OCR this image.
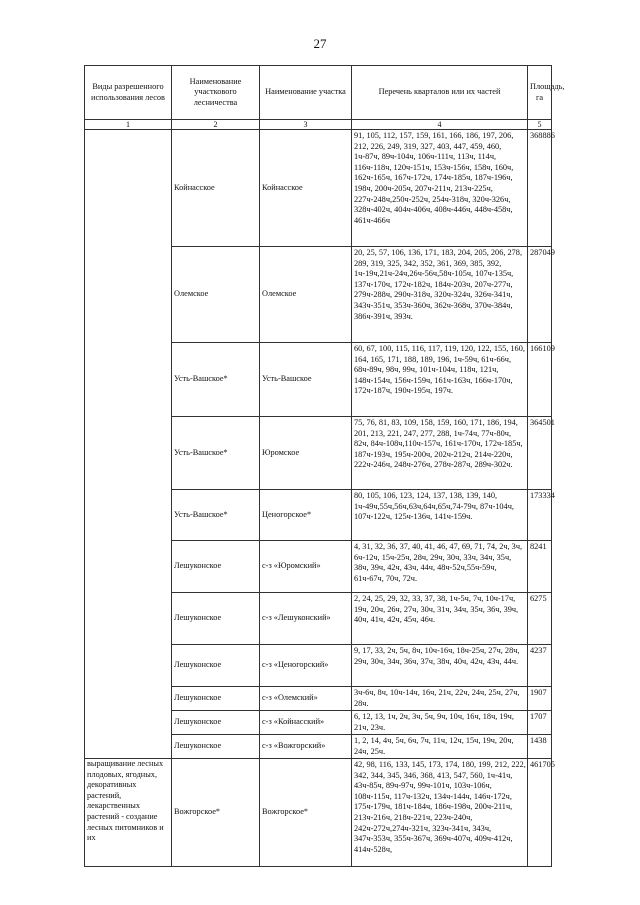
27
Виды разрешенного использования лесов	Наименование участкового лесничества	Наименование участка	Перечень кварталов или их частей	Площадь, га
1	2	3	4	5
	Койнасское	Койнасское	91, 105, 112, 157, 159, 161, 166, 186, 197, 206, 212, 226, 249, 319, 327, 403, 447, 459, 460, 1ч-87ч, 89ч-104ч, 106ч-111ч, 113ч, 114ч, 116ч-118ч, 120ч-151ч, 153ч-156ч, 158ч, 160ч, 162ч-165ч, 167ч-172ч, 174ч-185ч, 187ч-196ч, 198ч, 200ч-205ч, 207ч-211ч, 213ч-225ч, 227ч-248ч,250ч-252ч, 254ч-318ч, 320ч-326ч, 328ч-402ч, 404ч-406ч, 408ч-446ч, 448ч-458ч, 461ч-466ч	368886
	Олемское	Олемское	20, 25, 57, 106, 136, 171, 183, 204, 205, 206, 278, 289, 319, 325, 342, 352, 361, 369, 385, 392, 1ч-19ч,21ч-24ч,26ч-56ч,58ч-105ч, 107ч-135ч, 137ч-170ч, 172ч-182ч, 184ч-203ч, 207ч-277ч, 279ч-288ч, 290ч-318ч, 320ч-324ч, 326ч-341ч, 343ч-351ч, 353ч-360ч, 362ч-368ч, 370ч-384ч, 386ч-391ч, 393ч.	287049
	Усть-Вашское*	Усть-Вашское	60, 67, 100, 115, 116, 117, 119, 120, 122, 155, 160, 164, 165, 171, 188, 189, 196, 1ч-59ч, 61ч-66ч, 68ч-89ч, 98ч, 99ч, 101ч-104ч, 118ч, 121ч, 148ч-154ч, 156ч-159ч, 161ч-163ч, 166ч-170ч, 172ч-187ч, 190ч-195ч, 197ч.	166109
	Усть-Вашское*	Юромское	75, 76, 81, 83, 109, 158, 159, 160, 171, 186, 194, 201, 213, 221, 247, 277, 288, 1ч-74ч, 77ч-80ч, 82ч, 84ч-108ч,110ч-157ч, 161ч-170ч, 172ч-185ч, 187ч-193ч, 195ч-200ч, 202ч-212ч, 214ч-220ч, 222ч-246ч, 248ч-276ч, 278ч-287ч, 289ч-302ч.	364501
	Усть-Вашское*	Ценогорское*	80, 105, 106, 123, 124, 137, 138, 139, 140, 1ч-49ч,55ч,56ч,63ч,64ч,65ч,74-79ч, 87ч-104ч, 107ч-122ч, 125ч-136ч, 141ч-159ч.	173334
	Лешуконское	с-з «Юромский»	4, 31, 32, 36, 37, 40, 41, 46, 47, 69, 71, 74, 2ч, 3ч, 6ч-12ч, 15ч-25ч, 28ч, 29ч, 30ч, 33ч, 34ч, 35ч, 38ч, 39ч, 42ч, 43ч, 44ч, 48ч-52ч,55ч-59ч, 61ч-67ч, 70ч, 72ч.	8241
	Лешуконское	с-з «Лешуконский»	2, 24, 25, 29, 32, 33, 37, 38, 1ч-5ч, 7ч, 10ч-17ч, 19ч, 20ч, 26ч, 27ч, 30ч, 31ч, 34ч, 35ч, 36ч, 39ч, 40ч, 41ч, 42ч, 45ч, 46ч.	6275
	Лешуконское	с-з «Ценогорский»	9, 17, 33, 2ч, 5ч, 8ч, 10ч-16ч, 18ч-25ч, 27ч, 28ч, 29ч, 30ч, 34ч, 36ч, 37ч, 38ч, 40ч, 42ч, 43ч, 44ч.	4237
	Лешуконское	с-з «Олемский»	3ч-6ч, 8ч, 10ч-14ч, 16ч, 21ч, 22ч, 24ч, 25ч, 27ч, 28ч.	1907
	Лешуконское	с-з «Койнасский»	6, 12, 13, 1ч, 2ч, 3ч, 5ч, 9ч, 10ч, 16ч, 18ч, 19ч, 21ч, 23ч.	1707
	Лешуконское	с-з «Вожгорский»	1, 2, 14, 4ч, 5ч, 6ч, 7ч, 11ч, 12ч, 15ч, 19ч, 20ч, 24ч, 25ч.	1438
выращивание лесных плодовых, ягодных, декоративных растений, лекарственных растений - создание лесных питомников и их	Вожгорское*	Вожгорское*	42, 98, 116, 133, 145, 173, 174, 180, 199, 212, 222, 342, 344, 345, 346, 368, 413, 547, 560, 1ч-41ч, 43ч-85ч, 89ч-97ч, 99ч-101ч, 103ч-106ч, 108ч-115ч, 117ч-132ч, 134ч-144ч, 146ч-172ч, 175ч-179ч, 181ч-184ч, 186ч-198ч, 200ч-211ч, 213ч-216ч, 218ч-221ч, 223ч-240ч, 242ч-272ч,274ч-321ч, 323ч-341ч, 343ч, 347ч-353ч, 355ч-367ч, 369ч-407ч, 409ч-412ч, 414ч-528ч,	461705
